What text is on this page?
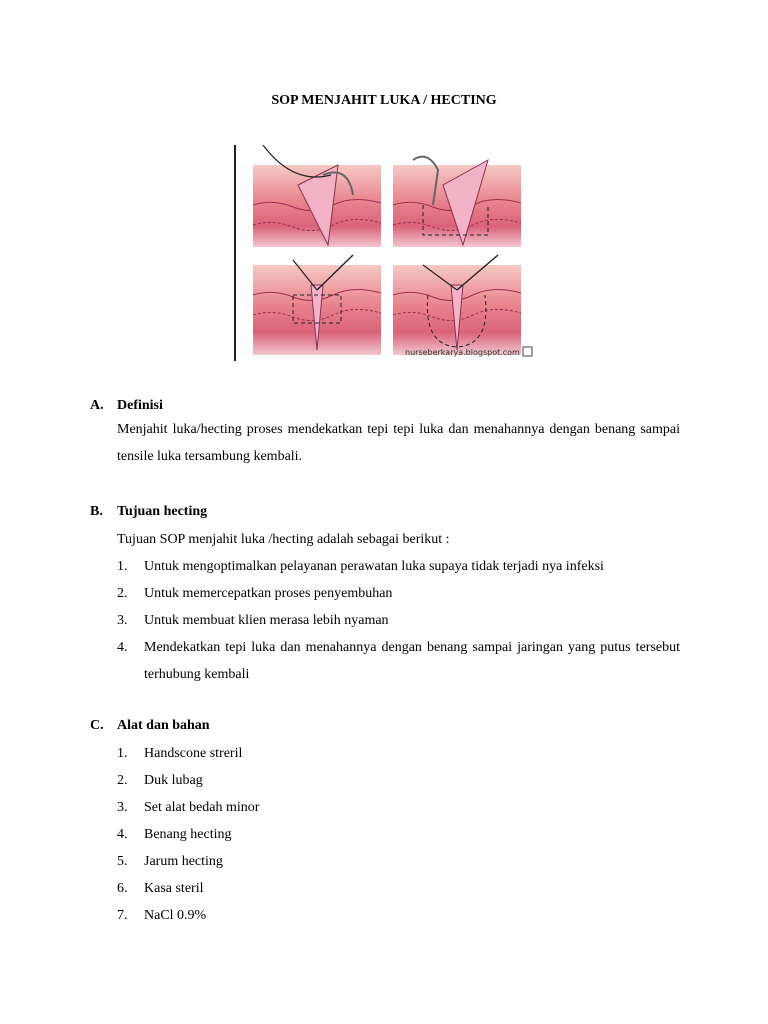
SOP MENJAHIT LUKA / HECTING
nurseberkarya.blogspot.com
A. Definisi
Menjahit luka/hecting proses mendekatkan tepi tepi luka dan menahannya dengan benang sampai tensile luka tersambung kembali.
B.	Tujuan hecting
Tujuan SOP menjahit luka /hecting adalah sebagai berikut :
1.	Untuk mengoptimalkan pelayanan perawatan luka supaya tidak terjadi nya infeksi
2.	Untuk memercepatkan proses penyembuhan
3.	Untuk membuat klien merasa lebih nyaman
4.	Mendekatkan tepi luka dan menahannya dengan benang sampai jaringan yang putus tersebut terhubung kembali
C. Alat dan bahan
1.	Handscone streril
2.	Duk lubag
3.	Set alat bedah minor
4.	Benang hecting
5.	Jarum hecting
6.	Kasa steril
7.	NaCl 0.9%
